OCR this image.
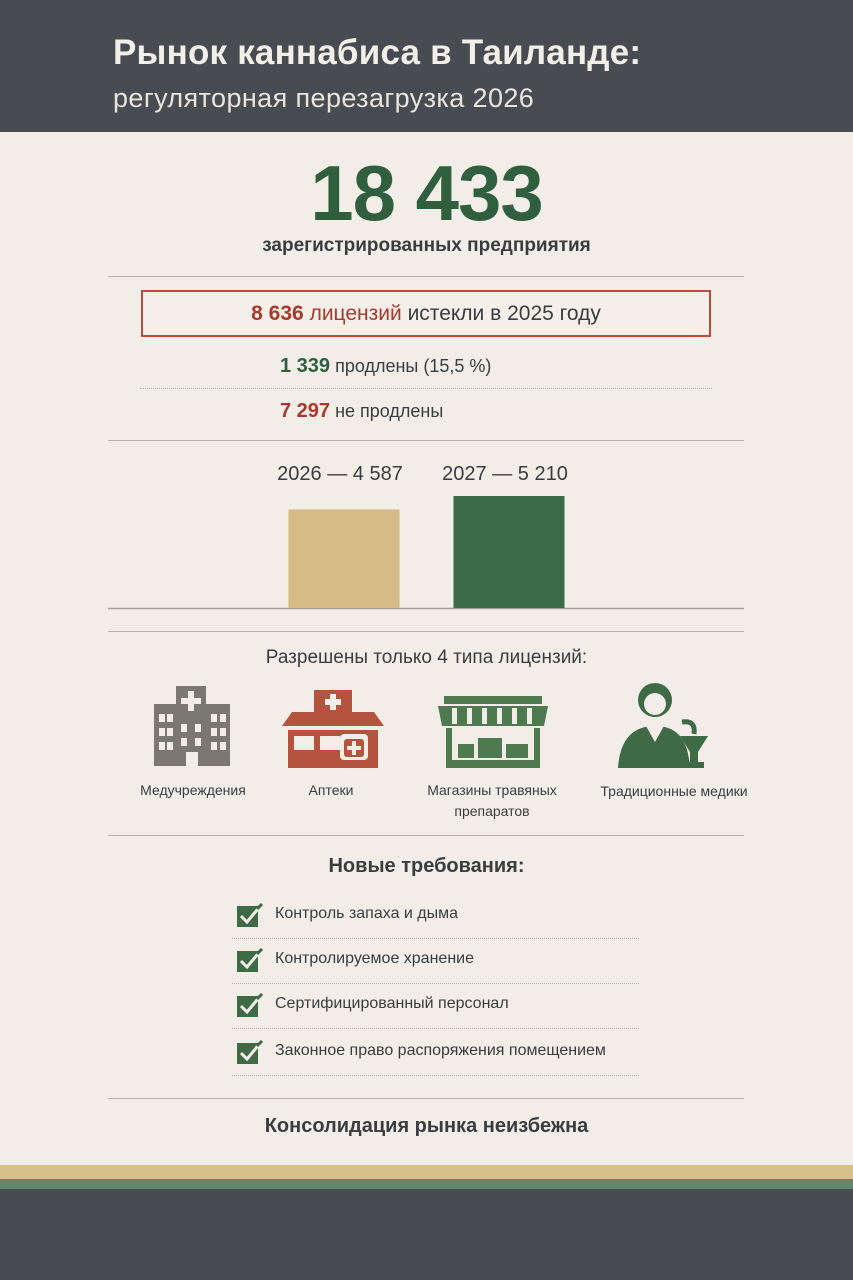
Рынок каннабиса в Таиланде:
регуляторная перезагрузка 2026
18 433
зарегистрированных предприятия
8 636 лицензий истекли в 2025 году
1 339 продлены (15,5 %)
7 297 не продлены
2026 — 4 587 2027 — 5 210
Разрешены только 4 типа лицензий:
Медучреждения	Аптеки	Магазины травяных препаратов
Традиционные медики
Новые требования:
Контроль запаха и дыма
Контролируемое хранение
Сертифицированный персонал
Законное право распоряжения помещением
Консолидация рынка неизбежна
